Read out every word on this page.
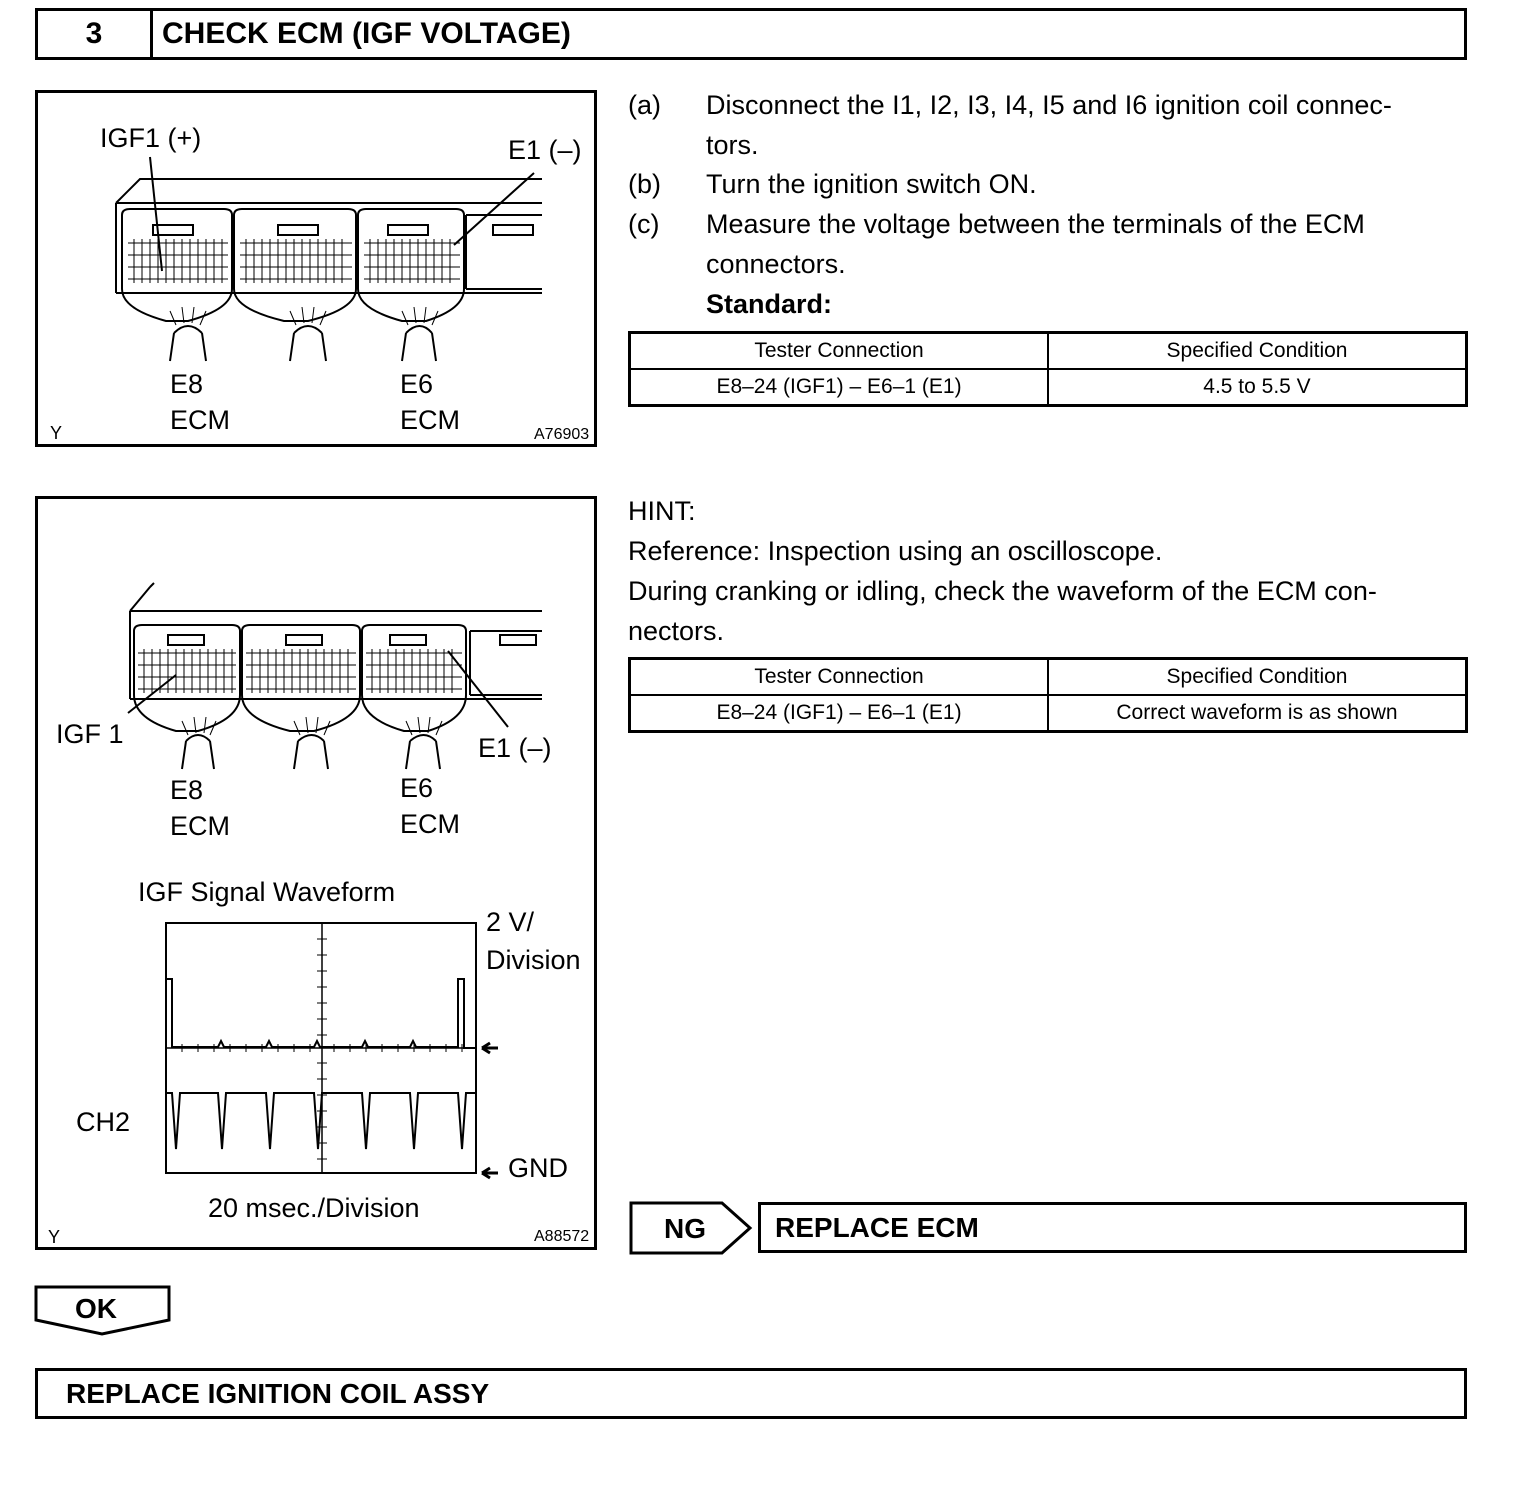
3	CHECK ECM (IGF VOLTAGE)
IGF1 (+)	E1 (–)
E8
ECM
E6
ECM
Y	A76903
(a)	Disconnect the I1, I2, I3, I4, I5 and I6 ignition coil connec-
tors.
(b)	Turn the ignition switch ON.
(c)	Measure the voltage between the terminals of the ECM
connectors.
Standard:
Tester Connection	Specified Condition
E8–24 (IGF1) – E6–1 (E1)	4.5 to 5.5 V
IGF 1	E1 (–)
E8
ECM
E6
ECM
IGF Signal Waveform
2 V/
Division
CH2
GND
20 msec./Division
Y	A88572

HINT:

Reference: Inspection using an oscilloscope.

During cranking or idling, check the waveform of the ECM con-

nectors.

Tester Connection	Specified Condition
E8–24 (IGF1) – E6–1 (E1)	Correct waveform is as shown
NG REPLACE ECM
OK
REPLACE IGNITION COIL ASSY
